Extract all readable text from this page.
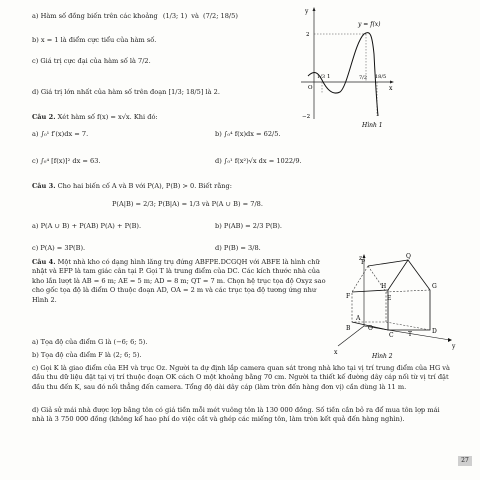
a) Hàm số đồng biến trên các khoảng (1/3; 1) và (7/2; 18/5)
b) x = 1 là điểm cực tiểu của hàm số.
c) Giá trị cực đại của hàm số là 7/2.
d) Giá trị lớn nhất của hàm số trên đoạn [1/3; 18/5] là 2.
y
x
2
−2
O
1/3 1	7/2 18/5
y = f(x)
Hình 1
Câu 2. Xét hàm số f(x) = x√x. Khi đó:
a) ∫₀¹ f′(x)dx = 7.	b) ∫₀⁴ f(x)dx = 62/5.
c) ∫₀⁴ [f(x)]² dx = 63.	d) ∫₀¹ f(x²)√x dx = 1022/9.
Câu 3. Cho hai biến cố A và B với P(A), P(B) > 0. Biết rằng:
P(A|B) = 2/3; P(B|A) = 1/3 và P(A ∪ B) = 7/8.
a) P(A ∪ B) + P(AB) P(A) + P(B).	b) P(AB) = 2/3 P(B).
c) P(A) = 3P(B).	d) P(B) = 3/8.
Câu 4. Một nhà kho có dạng hình lăng trụ đứng ABFPE.DCGQH với ABFE là hình chữ nhật và EFP là tam giác cân tại P. Gọi T là trung điểm của DC. Các kích thước nhà của kho lần lượt là AB = 6 m; AE = 5 m; AD = 8 m; QT = 7 m. Chọn hệ trục tọa độ Oxyz sao cho gốc tọa độ là điểm O thuộc đoạn AD, OA = 2 m và các trục tọa độ tương ứng như Hình 2.
a) Tọa độ của điểm G là (−6; 6; 5).
b) Tọa độ của điểm F là (2; 6; 5).
c) Gọi K là giao điểm của EH và trục Oz. Người ta dự định lắp camera quan sát trong nhà kho tại vị trí trung điểm của HG và đầu thu dữ liệu đặt tại vị trí thuộc đoạn OK cách O một khoảng bằng 70 cm. Người ta thiết kế đường dây cáp nối từ vị trí đặt đầu thu đến K, sau đó nối thẳng đến camera. Tổng độ dài dây cáp (làm tròn đến hàng đơn vị) cần dùng là 11 m.
d) Giả sử mái nhà được lợp bằng tôn có giá tiền mỗi mét vuông tôn là 130 000 đồng. Số tiền cần bỏ ra để mua tôn lợp mái nhà là 3 750 000 đồng (không kể hao phí do việc cắt và ghép các miếng tôn, làm tròn kết quả đến hàng nghìn).
Q
z
G
H
P
F	E
D
C T
O
A
B
x
y
Hình 2
27
